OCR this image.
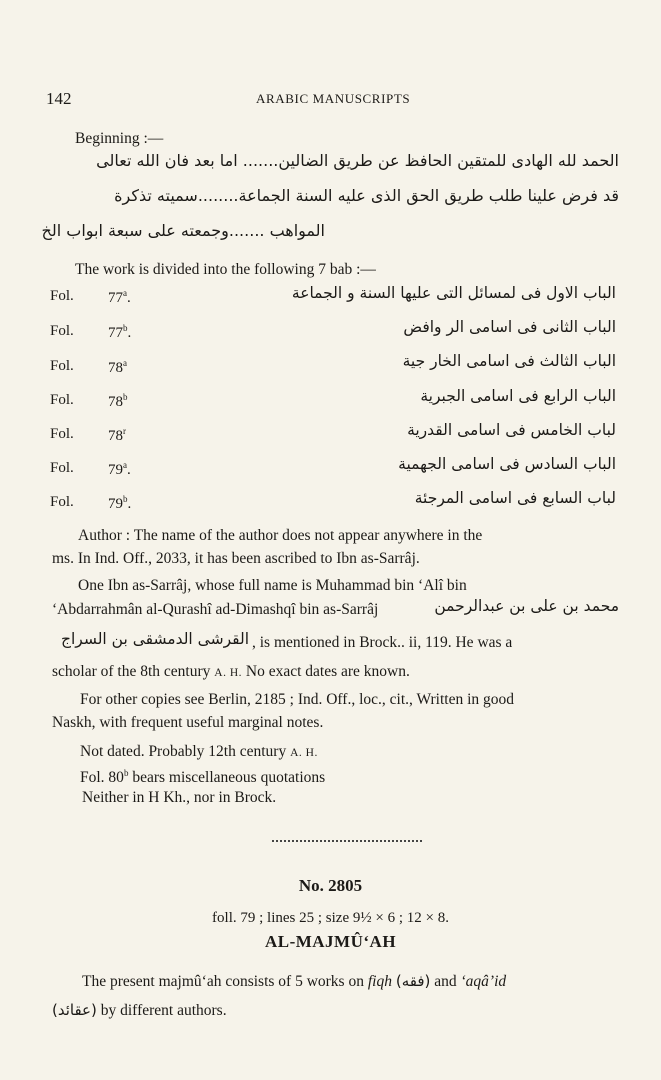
142	ARABIC MANUSCRIPTS
Beginning :—
الحمد لله الهادى للمتقين الحافظ عن طريق الضالين....... اما بعد فان الله تعالى
قد فرض علينا طلب طريق الحق الذى عليه السنة الجماعة........سميته تذكرة
المواهب .......وجمعته على سبعة ابواب الخ
The work is divided into the following 7 bab :—
Fol. 77$^a$.	الباب الاول فى لمسائل التى عليها السنة و الجماعة
Fol. 77$^b$.	الباب الثانى فى اسامى الر وافض
Fol. 78$^a$	الباب الثالث فى اسامى الخار جية
Fol. 78$^b$	الباب الرابع فى اسامى الجبرية
Fol. 78$^r$	لباب الخامس فى اسامى القدرية
Fol. 79$^a$.	الباب السادس فى اسامى الجهمية
Fol. 79$^b$.	لباب السابع فى اسامى المرجئة
Author : The name of the author does not appear anywhere in the
ms. In Ind. Off., 2033, it has been ascribed to Ibn as-Sarrâj.
One Ibn as-Sarrâj, whose full name is Muhammad bin ‘Alî bin
‘Abdarrahmân al-Qurashî ad-Dimashqî bin as-Sarrâj	محمد بن على بن عبدالرحمن
القرشى الدمشقى بن السراج , is mentioned in Brock.. ii, 119. He was a
scholar of the 8th century A. H. No exact dates are known.
For other copies see Berlin, 2185 ; Ind. Off., loc., cit., Written in good
Naskh, with frequent useful marginal notes.
Not dated. Probably 12th century A. H.
Fol. 80$^b$ bears miscellaneous quotations
Neither in H Kh., nor in Brock.
No. 2805
foll. 79 ; lines 25 ; size 9½ × 6 ; 12 × 8.
AL-MAJMÛ‘AH
The present majmû‘ah consists of 5 works on fiqh (فقه) and ‘aqâ’id
(عقائد) by different authors.
